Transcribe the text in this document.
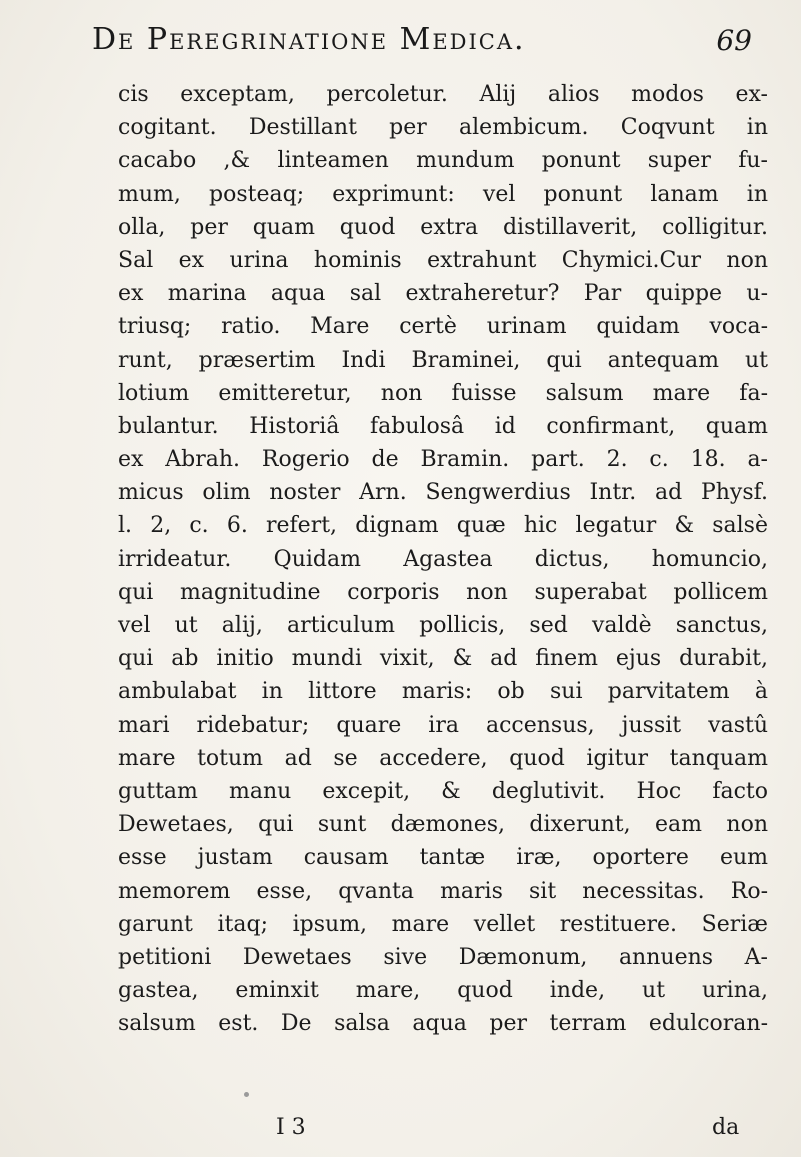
De Peregrinatione Medica.	69
cis exceptam, percoletur. Alij alios modos ex-
cogitant. Destillant per alembicum. Coqvunt in
cacabo ,& linteamen mundum ponunt super fu-
mum, posteaq; exprimunt: vel ponunt lanam in
olla, per quam quod extra distillaverit, colligitur.
Sal ex urina hominis extrahunt Chymici.Cur non
ex marina aqua sal extraheretur? Par quippe u-
triusq; ratio. Mare certè urinam quidam voca-
runt, præsertim Indi Braminei, qui antequam ut
lotium emitteretur, non fuisse salsum mare fa-
bulantur. Historiâ fabulosâ id confirmant, quam
ex Abrah. Rogerio de Bramin. part. 2. c. 18. a-
micus olim noster Arn. Sengwerdius Intr. ad Physf.
l. 2, c. 6. refert, dignam quæ hic legatur & salsè
irrideatur. Quidam Agastea dictus, homuncio,
qui magnitudine corporis non superabat pollicem
vel ut alij, articulum pollicis, sed valdè sanctus,
qui ab initio mundi vixit, & ad finem ejus durabit,
ambulabat in littore maris: ob sui parvitatem à
mari ridebatur; quare ira accensus, jussit vastû
mare totum ad se accedere, quod igitur tanquam
guttam manu excepit, & deglutivit. Hoc facto
Dewetaes, qui sunt dæmones, dixerunt, eam non
esse justam causam tantæ iræ, oportere eum
memorem esse, qvanta maris sit necessitas. Ro-
garunt itaq; ipsum, mare vellet restituere. Seriæ
petitioni Dewetaes sive Dæmonum, annuens A-
gastea, eminxit mare, quod inde, ut urina,
salsum est. De salsa aqua per terram edulcoran-
I 3	da
